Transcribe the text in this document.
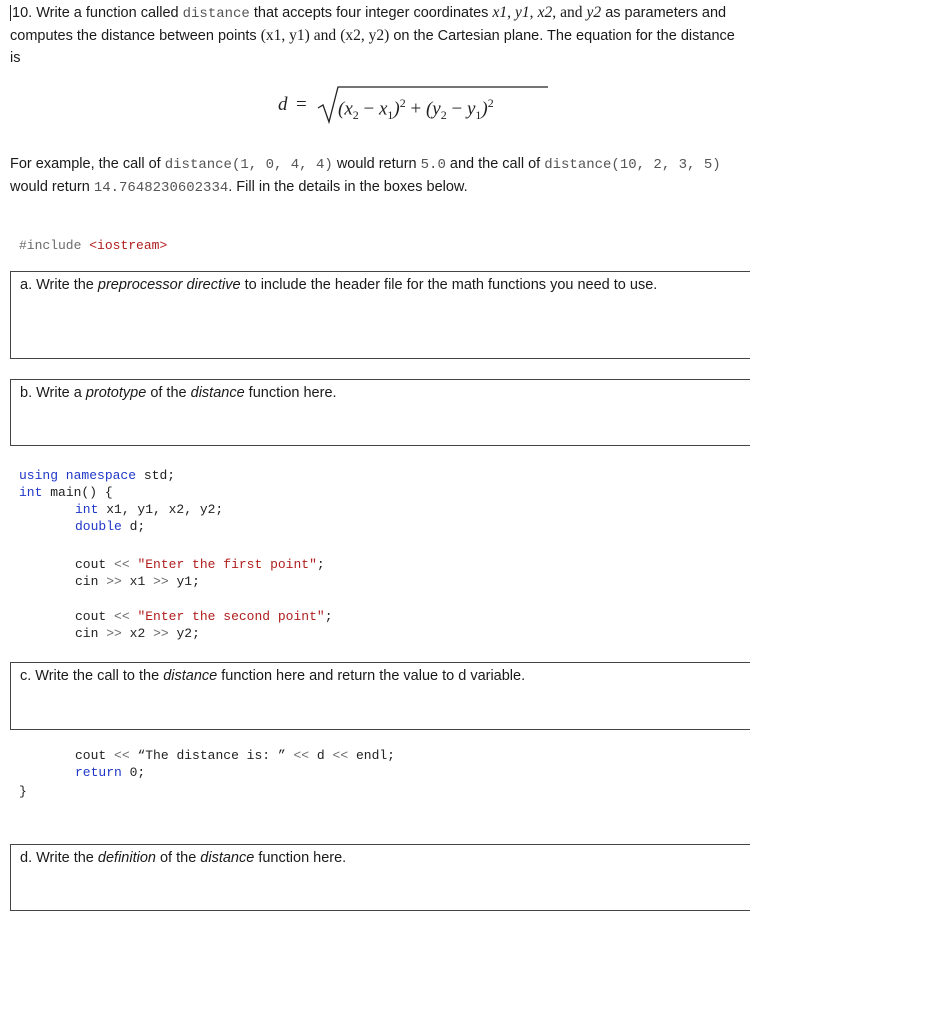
10. Write a function called distance that accepts four integer coordinates x1, y1, x2, and y2 as parameters and computes the distance between points (x1, y1) and (x2, y2) on the Cartesian plane. The equation for the distance is
$d = (x_2 - x_1)^2 + (y_2 - y_1)^2$
For example, the call of distance(1, 0, 4, 4) would return 5.0 and the call of distance(10, 2, 3, 5) would return 14.7648230602334. Fill in the details in the boxes below.
#include <iostream>
a. Write the preprocessor directive to include the header file for the math functions you need to use.
b. Write a prototype of the distance function here.
using namespace std;
int main() {
int x1, y1, x2, y2;
double d;
cout << "Enter the first point";
cin >> x1 >> y1;
cout << "Enter the second point";
cin >> x2 >> y2;
c. Write the call to the distance function here and return the value to d variable.
cout << “The distance is: ” << d << endl;
return 0;
}
d. Write the definition of the distance function here.
